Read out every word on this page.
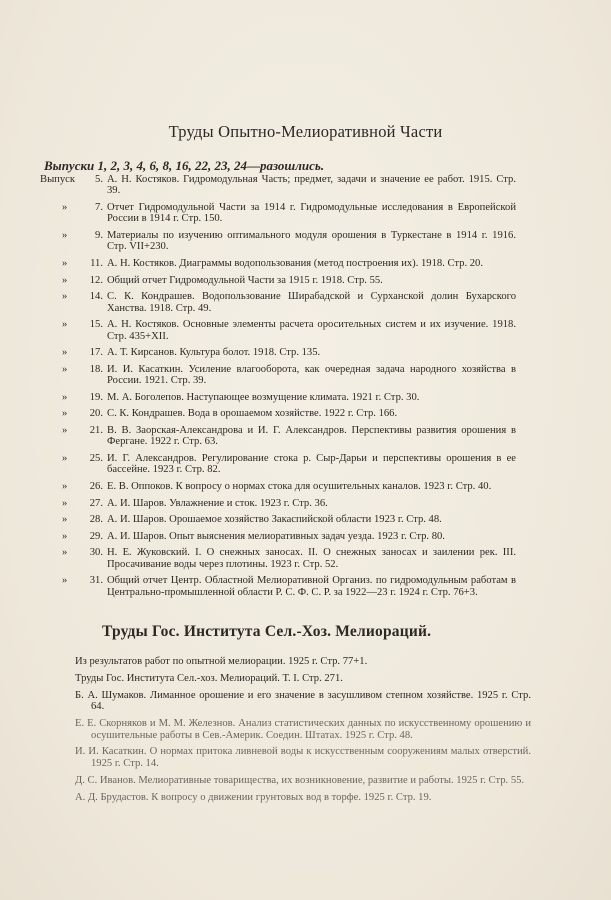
Труды Опытно-Мелиоративной Части
Выпуски 1, 2, 3, 4, 6, 8, 16, 22, 23, 24—разошлись.
Выпуск	5. А. Н. Костяков. Гидромодульная Часть; предмет, задачи и значение ее работ. 1915. Стр. 39.
»	7. Отчет Гидромодульной Части за 1914 г. Гидромодульные исследования в Европейской России в 1914 г. Стр. 150.
»	9. Материалы по изучению оптимального модуля орошения в Туркестане в 1914 г. 1916. Стр. VII+230.
»	11. А. Н. Костяков. Диаграммы водопользования (метод построения их). 1918. Стр. 20.
»	12. Общий отчет Гидромодульной Части за 1915 г. 1918. Стр. 55.
»	14. С. К. Кондрашев. Водопользование Ширабадской и Сурханской долин Бухарского Ханства. 1918. Стр. 49.
»	15. А. Н. Костяков. Основные элементы расчета оросительных систем и их изучение. 1918. Стр. 435+XII.
»	17. А. Т. Кирсанов. Культура болот. 1918. Стр. 135.
»	18. И. И. Касаткин. Усиление влагооборота, как очередная задача народного хозяйства в России. 1921. Стр. 39.
»	19. М. А. Боголепов. Наступающее возмущение климата. 1921 г. Стр. 30.
»	20. С. К. Кондрашев. Вода в орошаемом хозяйстве. 1922 г. Стр. 166.
»	21. В. В. Заорская-Александрова и И. Г. Александров. Перспективы развития орошения в Фергане. 1922 г. Стр. 63.
»	25. И. Г. Александров. Регулирование стока р. Сыр-Дарьи и перспективы орошения в ее бассейне. 1923 г. Стр. 82.
»	26. Е. В. Оппоков. К вопросу о нормах стока для осушительных каналов. 1923 г. Стр. 40.
»	27. А. И. Шаров. Увлажнение и сток. 1923 г. Стр. 36.
»	28. А. И. Шаров. Орошаемое хозяйство Закаспийской области 1923 г. Стр. 48.
»	29. А. И. Шаров. Опыт выяснения мелиоративных задач уезда. 1923 г. Стр. 80.
»	30. Н. Е. Жуковский. I. О снежных заносах. II. О снежных заносах и заилении рек. III. Просачивание воды через плотины. 1923 г. Стр. 52.
»	31. Общий отчет Центр. Областной Мелиоративной Организ. по гидромодульным работам в Центрально-промышленной области Р. С. Ф. С. Р. за 1922—23 г. 1924 г. Стр. 76+3.
Труды Гос. Института Сел.-Хоз. Мелиораций.
Из результатов работ по опытной мелиорации. 1925 г. Стр. 77+1.
Труды Гос. Института Сел.-хоз. Мелиораций. Т. I. Стр. 271.
Б. А. Шумаков. Лиманное орошение и его значение в засушливом степном хозяйстве. 1925 г. Стр. 64.
Е. Е. Скорняков и М. М. Железнов. Анализ статистических данных по искусственному орошению и осушительные работы в Сев.-Америк. Соедин. Штатах. 1925 г. Стр. 48.
И. И. Касаткин. О нормах притока ливневой воды к искусственным сооружениям малых отверстий. 1925 г. Стр. 14.
Д. С. Иванов. Мелиоративные товарищества, их возникновение, развитие и работы. 1925 г. Стр. 55.
А. Д. Брудастов. К вопросу о движении грунтовых вод в торфе. 1925 г. Стр. 19.
